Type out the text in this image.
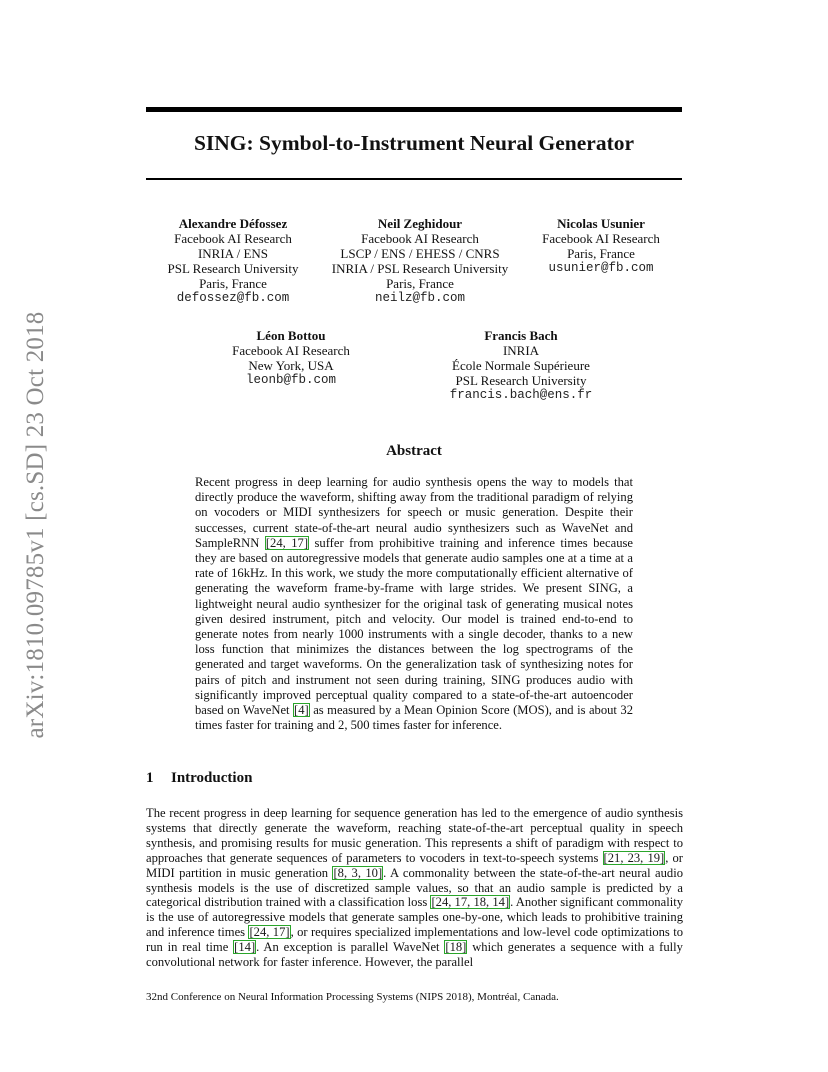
arXiv:1810.09785v1 [cs.SD] 23 Oct 2018
SING: Symbol-to-Instrument Neural Generator
Alexandre Défossez
Facebook AI Research
INRIA / ENS
PSL Research University
Paris, France
defossez@fb.com
Neil Zeghidour
Facebook AI Research
LSCP / ENS / EHESS / CNRS
INRIA / PSL Research University
Paris, France
neilz@fb.com
Nicolas Usunier
Facebook AI Research
Paris, France
usunier@fb.com
Léon Bottou
Facebook AI Research
New York, USA
leonb@fb.com
Francis Bach
INRIA
École Normale Supérieure
PSL Research University
francis.bach@ens.fr
Abstract

Recent progress in deep learning for audio synthesis opens the way to models that directly produce the waveform, shifting away from the traditional paradigm of relying on vocoders or MIDI synthesizers for speech or music generation. Despite their successes, current state-of-the-art neural audio synthesizers such as WaveNet and SampleRNN [24, 17] suffer from prohibitive training and inference times because they are based on autoregressive models that generate audio samples one at a time at a rate of 16kHz. In this work, we study the more computationally efficient alternative of generating the waveform frame-by-frame with large strides. We present SING, a lightweight neural audio synthesizer for the original task of generating musical notes given desired instrument, pitch and velocity. Our model is trained end-to-end to generate notes from nearly 1000 instruments with a single decoder, thanks to a new loss function that minimizes the distances between the log spectrograms of the generated and target waveforms. On the generalization task of synthesizing notes for pairs of pitch and instrument not seen during training, SING produces audio with significantly improved perceptual quality compared to a state-of-the-art autoencoder based on WaveNet [4] as measured by a Mean Opinion Score (MOS), and is about 32 times faster for training and 2, 500 times faster for inference.

1 Introduction

The recent progress in deep learning for sequence generation has led to the emergence of audio synthesis systems that directly generate the waveform, reaching state-of-the-art perceptual quality in speech synthesis, and promising results for music generation. This represents a shift of paradigm with respect to approaches that generate sequences of parameters to vocoders in text-to-speech systems [21, 23, 19], or MIDI partition in music generation [8, 3, 10]. A commonality between the state-of-the-art neural audio synthesis models is the use of discretized sample values, so that an audio sample is predicted by a categorical distribution trained with a classification loss [24, 17, 18, 14]. Another significant commonality is the use of autoregressive models that generate samples one-by-one, which leads to prohibitive training and inference times [24, 17], or requires specialized implementations and low-level code optimizations to run in real time [14]. An exception is parallel WaveNet [18] which generates a sequence with a fully convolutional network for faster inference. However, the parallel

32nd Conference on Neural Information Processing Systems (NIPS 2018), Montréal, Canada.
